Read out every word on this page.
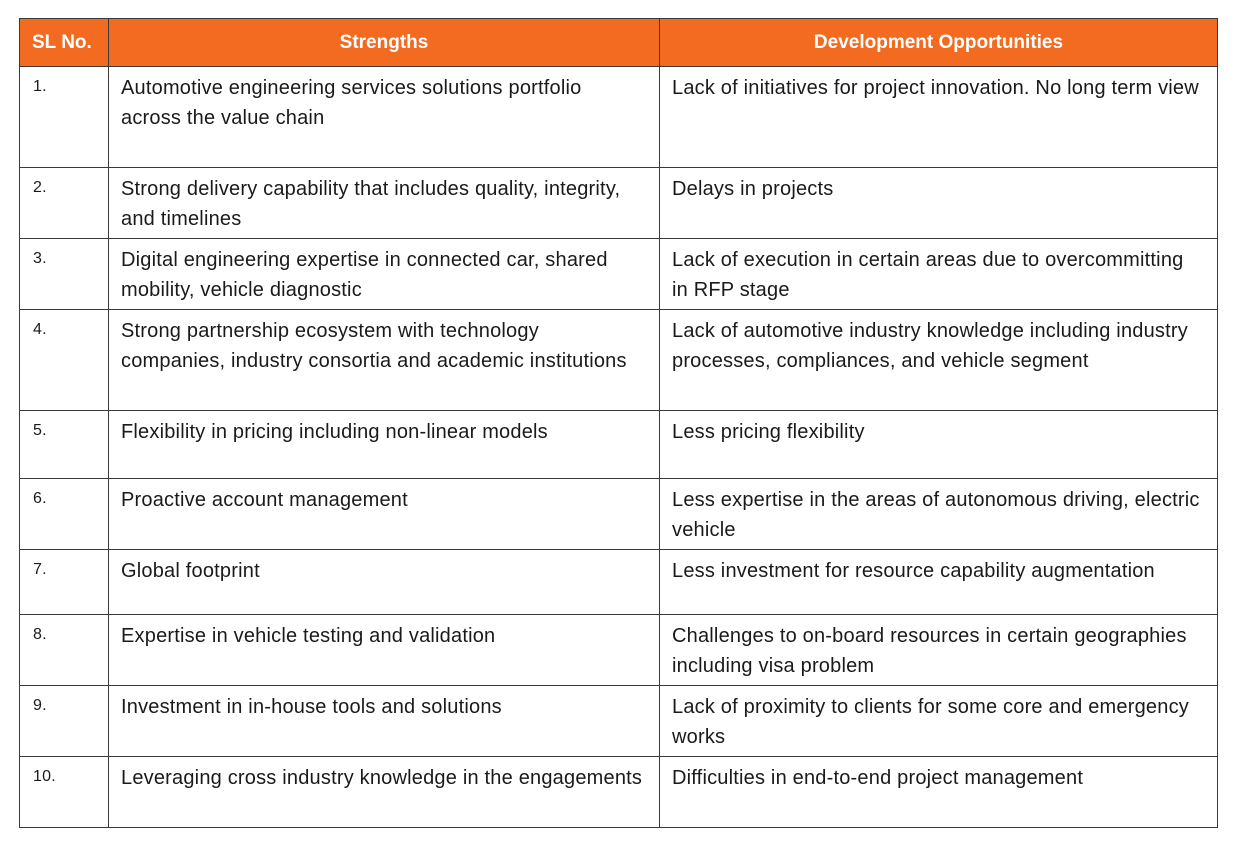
SL No.	Strengths	Development Opportunities
1.	Automotive engineering services solutions portfolio across the value chain	Lack of initiatives for project innovation. No long term view
2.	Strong delivery capability that includes quality, integrity, and timelines	Delays in projects
3.	Digital engineering expertise in connected car, shared mobility, vehicle diagnostic	Lack of execution in certain areas due to overcommitting in RFP stage
4.	Strong partnership ecosystem with technology companies, industry consortia and academic institutions	Lack of automotive industry knowledge including industry processes, compliances, and vehicle segment
5.	Flexibility in pricing including non-linear models	Less pricing flexibility
6.	Proactive account management	Less expertise in the areas of autonomous driving, electric vehicle
7.	Global footprint	Less investment for resource capability augmentation
8.	Expertise in vehicle testing and validation	Challenges to on-board resources in certain geographies including visa problem
9.	Investment in in-house tools and solutions	Lack of proximity to clients for some core and emergency works
10.	Leveraging cross industry knowledge in the engagements	Difficulties in end-to-end project management
